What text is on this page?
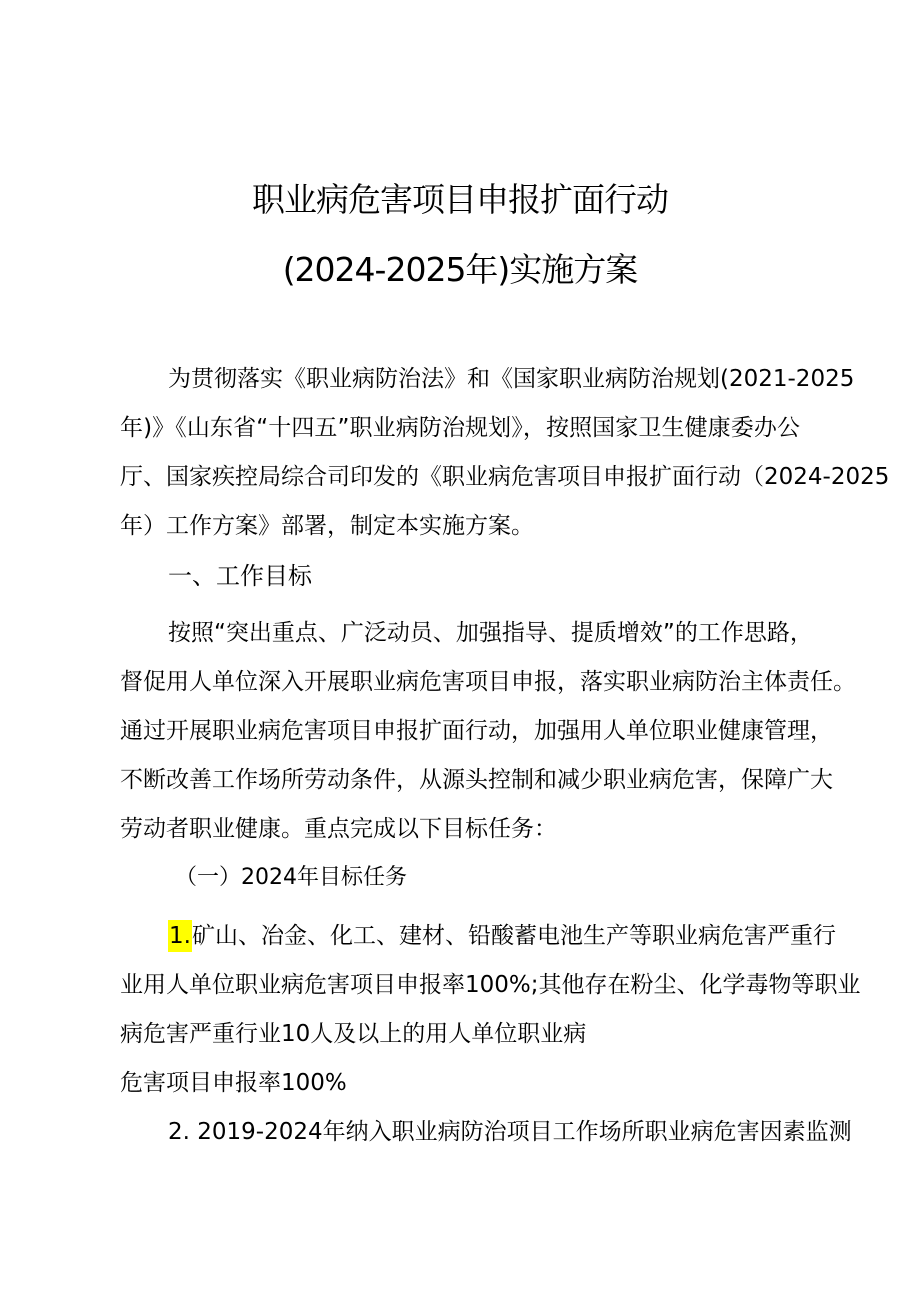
职业病危害项目申报扩面行动
(2024-2025年)实施方案
为贯彻落实《职业病防治法》和《国家职业病防治规划(2021-2025
年)》《山东省“十四五”职业病防治规划》，按照国家卫生健康委办公
厅、国家疾控局综合司印发的《职业病危害项目申报扩面行动（2024-2025
年）工作方案》部署，制定本实施方案。
一、工作目标
按照“突出重点、广泛动员、加强指导、提质增效”的工作思路，
督促用人单位深入开展职业病危害项目申报，落实职业病防治主体责任。
通过开展职业病危害项目申报扩面行动，加强用人单位职业健康管理，
不断改善工作场所劳动条件，从源头控制和减少职业病危害，保障广大
劳动者职业健康。重点完成以下目标任务：
（一）2024年目标任务
1. 矿山、冶金、化工、建材、铅酸蓄电池生产等职业病危害严重行
业用人单位职业病危害项目申报率100%;其他存在粉尘、化学毒物等职业
病危害严重行业10人及以上的用人单位职业病
危害项目申报率100%
2. 2019-2024年纳入职业病防治项目工作场所职业病危害因素监测
